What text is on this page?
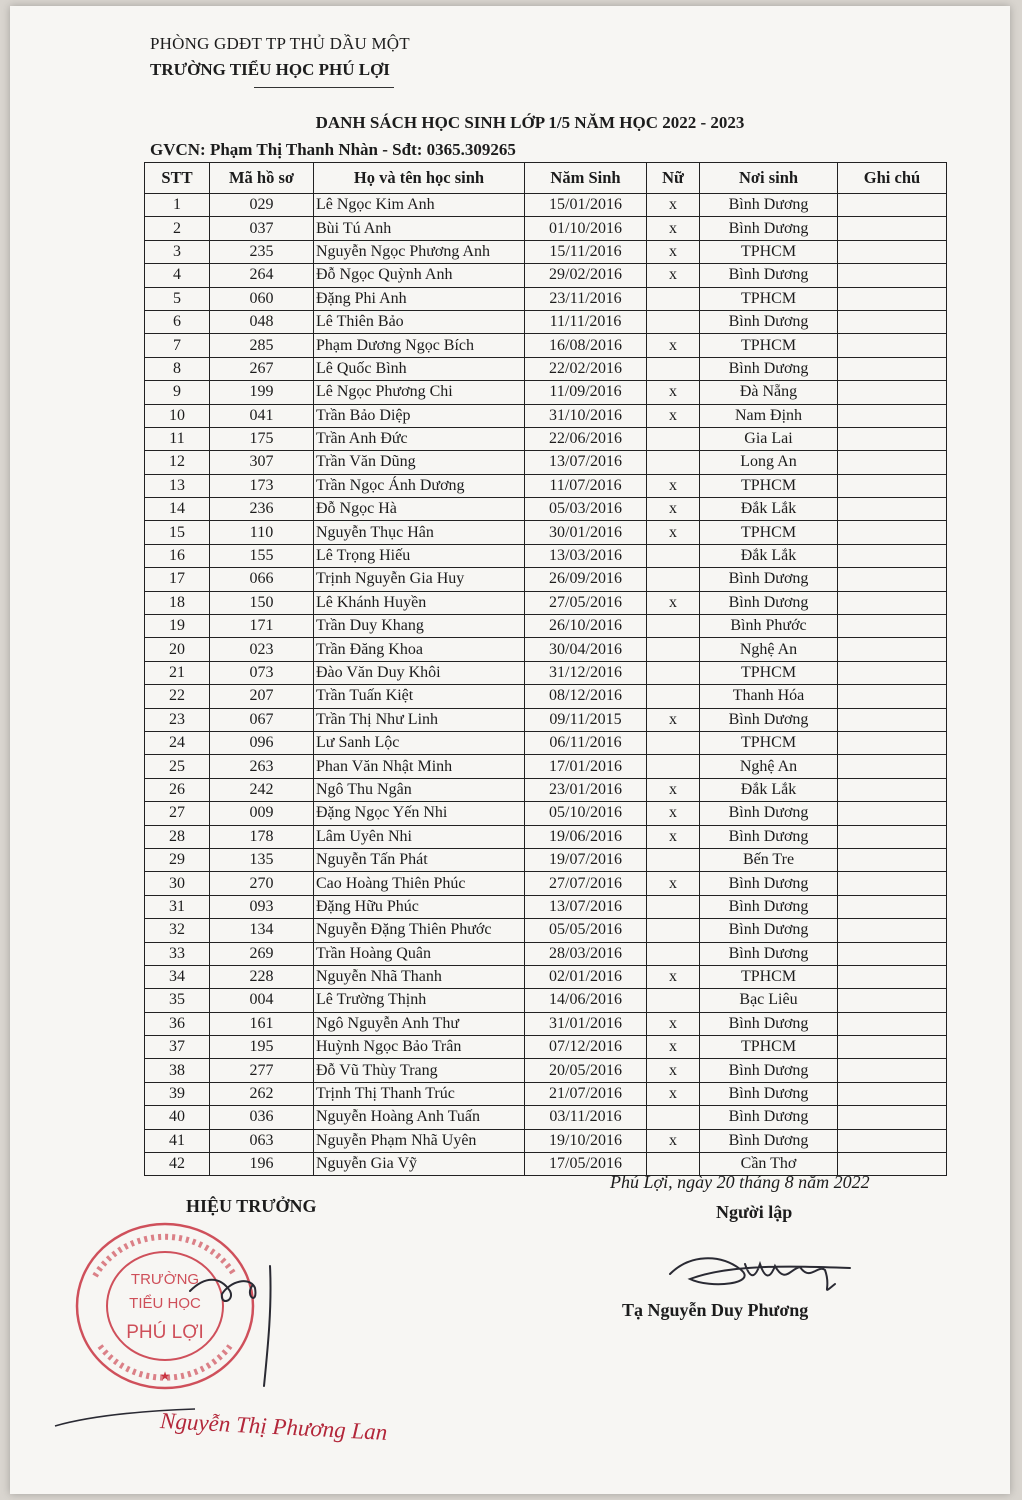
PHÒNG GDĐT TP THỦ DẦU MỘT
TRƯỜNG TIỂU HỌC PHÚ LỢI
DANH SÁCH HỌC SINH LỚP 1/5 NĂM HỌC 2022 - 2023
GVCN: Phạm Thị Thanh Nhàn - Sđt: 0365.309265
STT	Mã hồ sơ	Họ và tên học sinh	Năm Sinh	Nữ	Nơi sinh	Ghi chú
1	029	Lê Ngọc Kim Anh	15/01/2016	x	Bình Dương	
2	037	Bùi Tú Anh	01/10/2016	x	Bình Dương	
3	235	Nguyễn Ngọc Phương Anh	15/11/2016	x	TPHCM	
4	264	Đỗ Ngọc Quỳnh Anh	29/02/2016	x	Bình Dương	
5	060	Đặng Phi Anh	23/11/2016		TPHCM	
6	048	Lê Thiên Bảo	11/11/2016		Bình Dương	
7	285	Phạm Dương Ngọc Bích	16/08/2016	x	TPHCM	
8	267	Lê Quốc Bình	22/02/2016		Bình Dương	
9	199	Lê Ngọc Phương Chi	11/09/2016	x	Đà Nẵng	
10	041	Trần Bảo Diệp	31/10/2016	x	Nam Định	
11	175	Trần Anh Đức	22/06/2016		Gia Lai	
12	307	Trần Văn Dũng	13/07/2016		Long An	
13	173	Trần Ngọc Ánh Dương	11/07/2016	x	TPHCM	
14	236	Đỗ Ngọc Hà	05/03/2016	x	Đắk Lắk	
15	110	Nguyễn Thục Hân	30/01/2016	x	TPHCM	
16	155	Lê Trọng Hiếu	13/03/2016		Đắk Lắk	
17	066	Trịnh Nguyễn Gia Huy	26/09/2016		Bình Dương	
18	150	Lê Khánh Huyền	27/05/2016	x	Bình Dương	
19	171	Trần Duy Khang	26/10/2016		Bình Phước	
20	023	Trần Đăng Khoa	30/04/2016		Nghệ An	
21	073	Đào Văn Duy Khôi	31/12/2016		TPHCM	
22	207	Trần Tuấn Kiệt	08/12/2016		Thanh Hóa	
23	067	Trần Thị Như Linh	09/11/2015	x	Bình Dương	
24	096	Lư Sanh Lộc	06/11/2016		TPHCM	
25	263	Phan Văn Nhật Minh	17/01/2016		Nghệ An	
26	242	Ngô Thu Ngân	23/01/2016	x	Đắk Lắk	
27	009	Đặng Ngọc Yến Nhi	05/10/2016	x	Bình Dương	
28	178	Lâm Uyên Nhi	19/06/2016	x	Bình Dương	
29	135	Nguyễn Tấn Phát	19/07/2016		Bến Tre	
30	270	Cao Hoàng Thiên Phúc	27/07/2016	x	Bình Dương	
31	093	Đặng Hữu Phúc	13/07/2016		Bình Dương	
32	134	Nguyễn Đặng Thiên Phước	05/05/2016		Bình Dương	
33	269	Trần Hoàng Quân	28/03/2016		Bình Dương	
34	228	Nguyễn Nhã Thanh	02/01/2016	x	TPHCM	
35	004	Lê Trường Thịnh	14/06/2016		Bạc Liêu	
36	161	Ngô Nguyễn Anh Thư	31/01/2016	x	Bình Dương	
37	195	Huỳnh Ngọc Bảo Trân	07/12/2016	x	TPHCM	
38	277	Đỗ Vũ Thùy Trang	20/05/2016	x	Bình Dương	
39	262	Trịnh Thị Thanh Trúc	21/07/2016	x	Bình Dương	
40	036	Nguyễn Hoàng Anh Tuấn	03/11/2016		Bình Dương	
41	063	Nguyễn Phạm Nhã Uyên	19/10/2016	x	Bình Dương	
42	196	Nguyễn Gia Vỹ	17/05/2016		Cần Thơ	
Phú Lợi, ngày 20 tháng 8 năm 2022
HIỆU TRƯỞNG	Người lập
Tạ Nguyễn Duy Phương
TRƯỜNG
TIỂU HỌC
PHÚ LỢI
★
Nguyễn Thị Phương Lan
